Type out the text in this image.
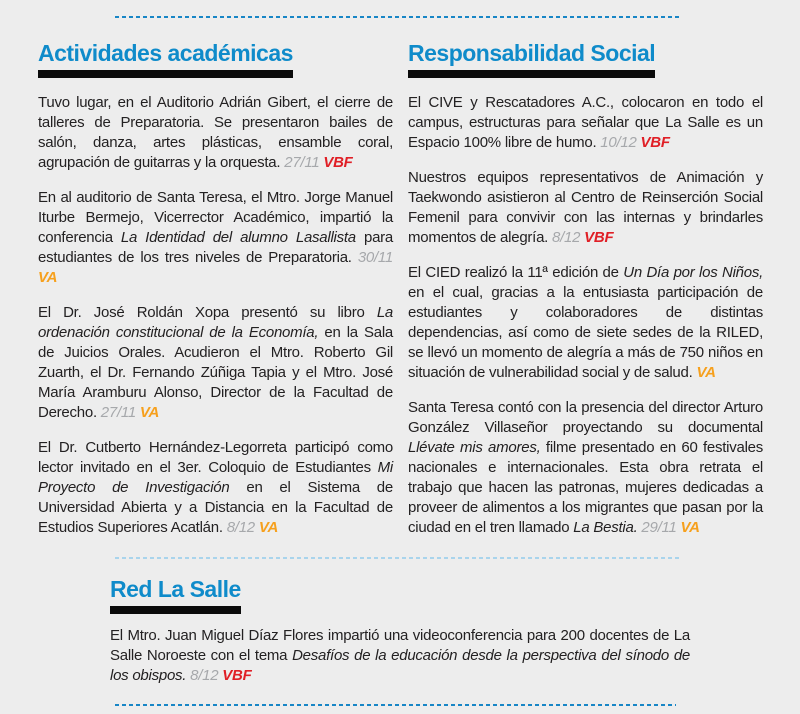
Actividades académicas

Tuvo lugar, en el Auditorio Adrián Gibert, el cierre de talleres de Preparatoria. Se presentaron bailes de salón, danza, artes plásticas, ensamble coral, agrupación de guitarras y la orquesta. 27/11 VBF

En al auditorio de Santa Teresa, el Mtro. Jorge Manuel Iturbe Bermejo, Vicerrector Académico, impartió la conferencia La Identidad del alumno Lasallista para estudiantes de los tres niveles de Preparatoria. 30/11 VA

El Dr. José Roldán Xopa presentó su libro La ordenación constitucional de la Economía, en la Sala de Juicios Orales. Acudieron el Mtro. Roberto Gil Zuarth, el Dr. Fernando Zúñiga Tapia y el Mtro. José María Aramburu Alonso, Director de la Facultad de Derecho. 27/11 VA

El Dr. Cutberto Hernández-Legorreta participó como lector invitado en el 3er. Coloquio de Estudiantes Mi Proyecto de Investigación en el Sistema de Universidad Abierta y a Distancia en la Facultad de Estudios Superiores Acatlán. 8/12 VA

Responsabilidad Social

El CIVE y Rescatadores A.C., colocaron en todo el campus, estructuras para señalar que La Salle es un Espacio 100% libre de humo. 10/12 VBF

Nuestros equipos representativos de Animación y Taekwondo asistieron al Centro de Reinserción Social Femenil para convivir con las internas y brindarles momentos de alegría. 8/12 VBF

El CIED realizó la 11ª edición de Un Día por los Niños, en el cual, gracias a la entusiasta participación de estudiantes y colaboradores de distintas dependencias, así como de siete sedes de la RILED, se llevó un momento de alegría a más de 750 niños en situación de vulnerabilidad social y de salud. VA

Santa Teresa contó con la presencia del director Arturo González Villaseñor proyectando su documental Llévate mis amores, filme presentado en 60 festivales nacionales e internacionales. Esta obra retrata el trabajo que hacen las patronas, mujeres dedicadas a proveer de alimentos a los migrantes que pasan por la ciudad en el tren llamado La Bestia. 29/11 VA

Red La Salle

El Mtro. Juan Miguel Díaz Flores impartió una videoconferencia para 200 docentes de La Salle Noroeste con el tema Desafíos de la educación desde la perspectiva del sínodo de los obispos. 8/12 VBF
